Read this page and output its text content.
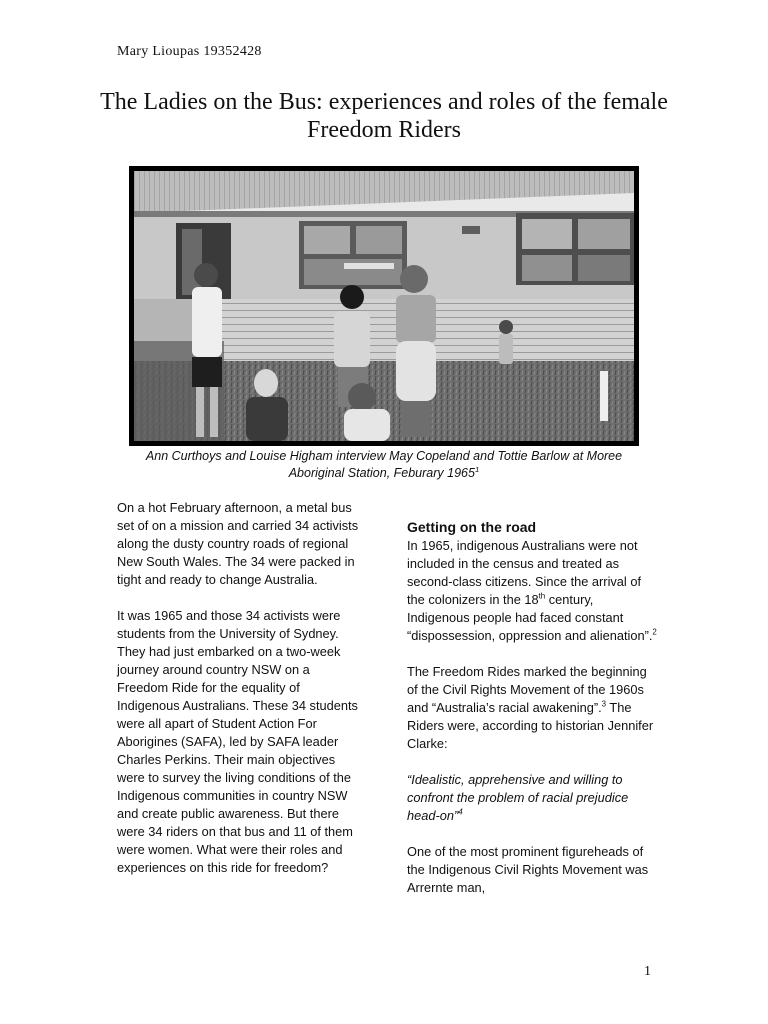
Mary Lioupas 19352428
The Ladies on the Bus: experiences and roles of the female Freedom Riders
Ann Curthoys and Louise Higham interview May Copeland and Tottie Barlow at Moree Aboriginal Station, Feburary 1965$^1$

On a hot February afternoon, a metal bus set of on a mission and carried 34 activists along the dusty country roads of regional New South Wales. The 34 were packed in tight and ready to change Australia.

It was 1965 and those 34 activists were students from the University of Sydney. They had just embarked on a two-week journey around country NSW on a Freedom Ride for the equality of Indigenous Australians. These 34 students were all apart of Student Action For Aborigines (SAFA), led by SAFA leader Charles Perkins. Their main objectives were to survey the living conditions of the Indigenous communities in country NSW and create public awareness. But there were 34 riders on that bus and 11 of them were women. What were their roles and experiences on this ride for freedom?

Getting on the road

In 1965, indigenous Australians were not included in the census and treated as second-class citizens. Since the arrival of the colonizers in the 18th century, Indigenous people had faced constant “dispossession, oppression and alienation”.$^2$

The Freedom Rides marked the beginning of the Civil Rights Movement of the 1960s and “Australia’s racial awakening”.$^3$ The Riders were, according to historian Jennifer Clarke:

“Idealistic, apprehensive and willing to confront the problem of racial prejudice head-on”$^4$

One of the most prominent figureheads of the Indigenous Civil Rights Movement was Arrernte man,

1
